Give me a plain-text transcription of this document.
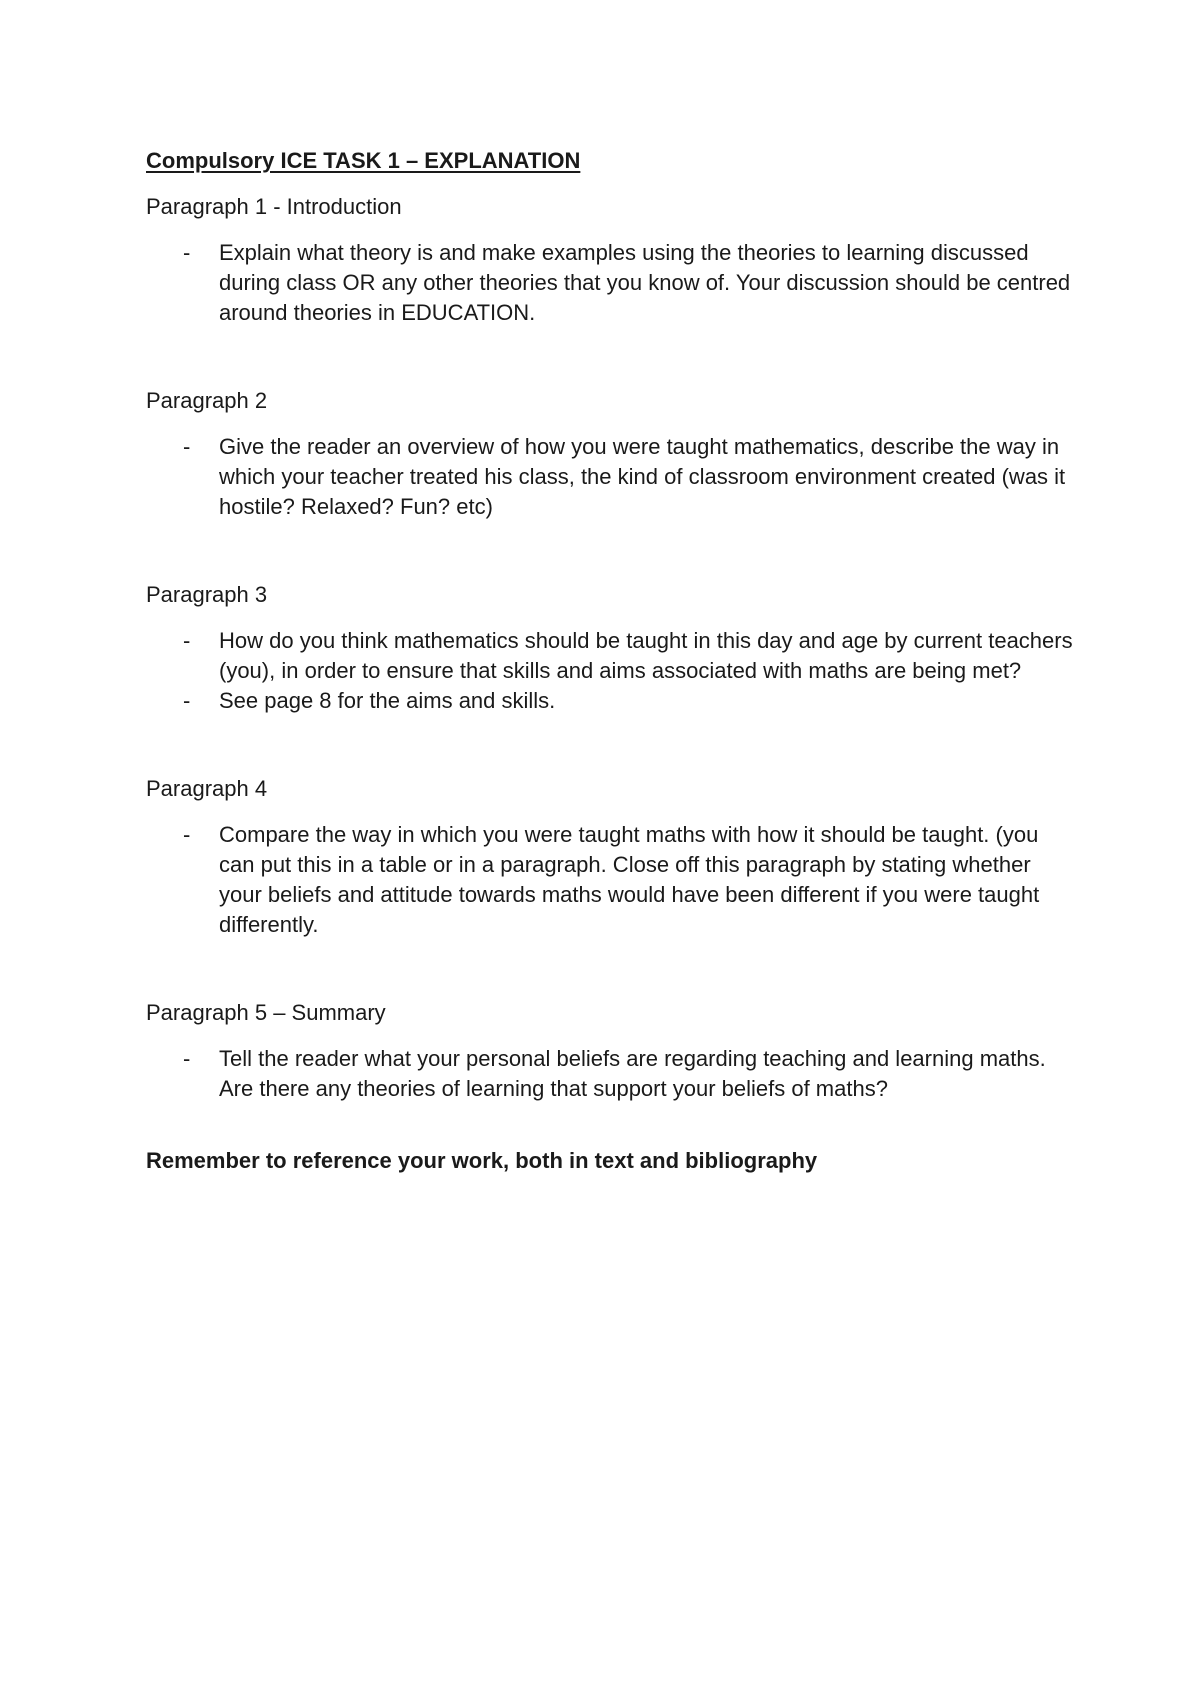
Compulsory ICE TASK 1 – EXPLANATION

Paragraph 1 - Introduction

- Explain what theory is and make examples using the theories to learning discussed during class OR any other theories that you know of. Your discussion should be centred around theories in EDUCATION.

Paragraph 2

- Give the reader an overview of how you were taught mathematics, describe the way in which your teacher treated his class, the kind of classroom environment created (was it hostile? Relaxed? Fun? etc)

Paragraph 3

- How do you think mathematics should be taught in this day and age by current teachers (you), in order to ensure that skills and aims associated with maths are being met?
- See page 8 for the aims and skills.

Paragraph 4

- Compare the way in which you were taught maths with how it should be taught. (you can put this in a table or in a paragraph. Close off this paragraph by stating whether your beliefs and attitude towards maths would have been different if you were taught differently.

Paragraph 5 – Summary

- Tell the reader what your personal beliefs are regarding teaching and learning maths. Are there any theories of learning that support your beliefs of maths?

Remember to reference your work, both in text and bibliography
